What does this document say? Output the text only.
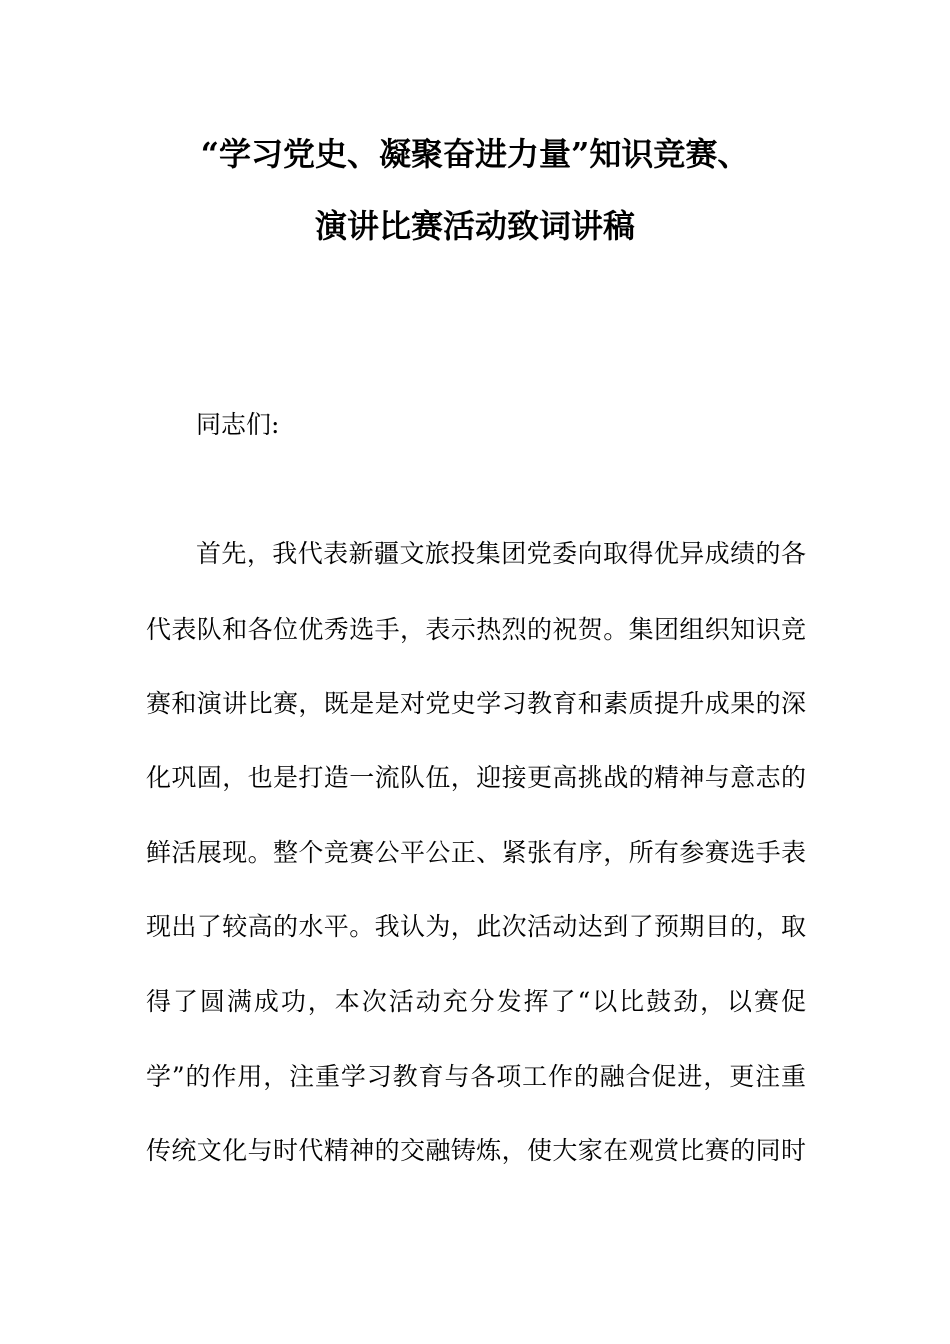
“学习党史、凝聚奋进力量”知识竞赛、
演讲比赛活动致词讲稿
同志们:
首先，我代表新疆文旅投集团党委向取得优异成绩的各
代表队和各位优秀选手，表示热烈的祝贺。集团组织知识竞
赛和演讲比赛，既是是对党史学习教育和素质提升成果的深
化巩固，也是打造一流队伍，迎接更高挑战的精神与意志的
鲜活展现。整个竞赛公平公正、紧张有序，所有参赛选手表
现出了较高的水平。我认为，此次活动达到了预期目的，取
得了圆满成功，本次活动充分发挥了“以比鼓劲，以赛促
学”的作用，注重学习教育与各项工作的融合促进，更注重
传统文化与时代精神的交融铸炼，使大家在观赏比赛的同时
